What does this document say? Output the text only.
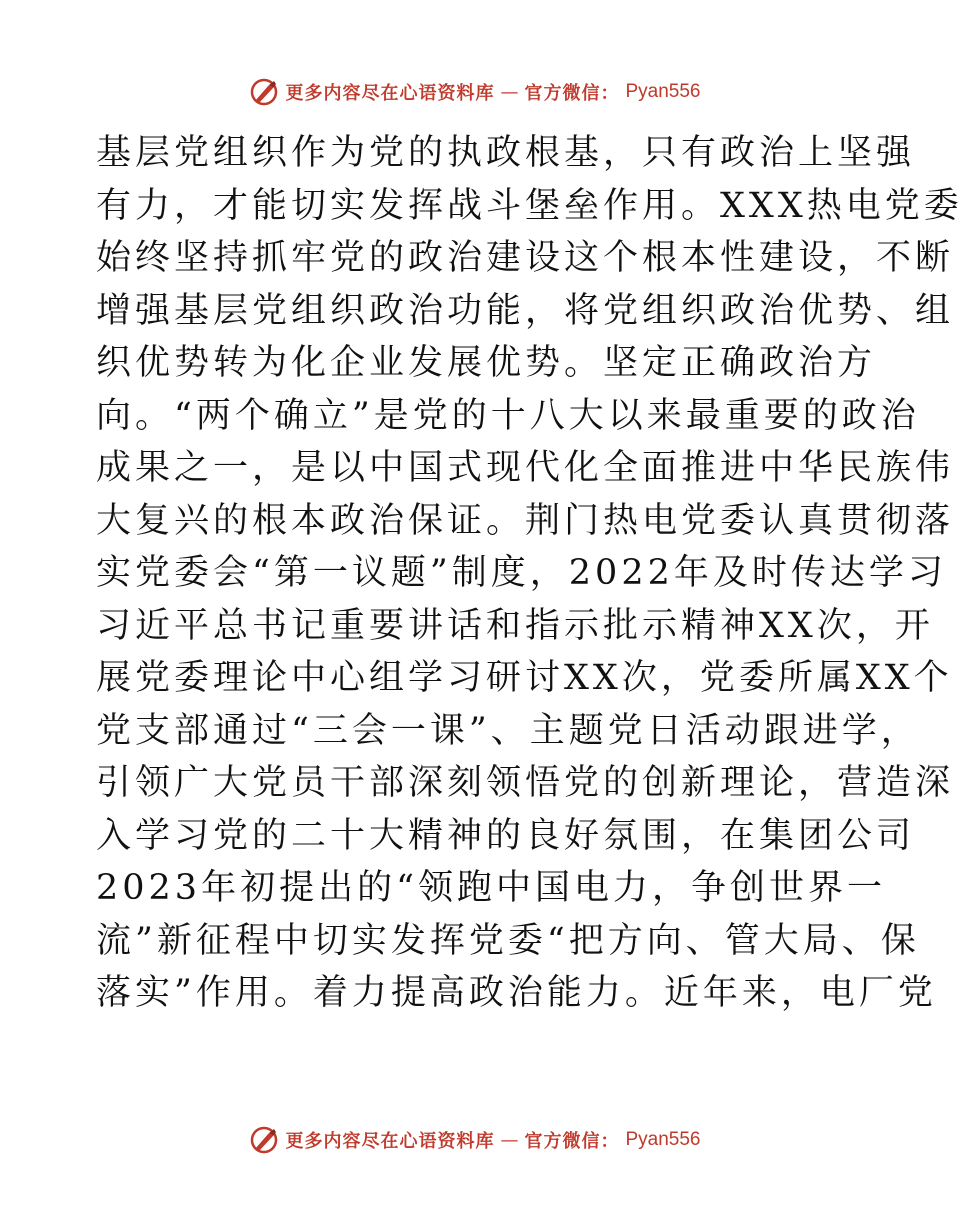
更多内容尽在心语资料库 — 官方微信： Pyan556
基层党组织作为党的执政根基，只有政治上坚强
有力，才能切实发挥战斗堡垒作用。XXX热电党委
始终坚持抓牢党的政治建设这个根本性建设，不断
增强基层党组织政治功能，将党组织政治优势、组
织优势转为化企业发展优势。坚定正确政治方
向。“两个确立”是党的十八大以来最重要的政治
成果之一，是以中国式现代化全面推进中华民族伟
大复兴的根本政治保证。荆门热电党委认真贯彻落
实党委会“第一议题”制度，2022年及时传达学习
习近平总书记重要讲话和指示批示精神XX次，开
展党委理论中心组学习研讨XX次，党委所属XX个
党支部通过“三会一课”、主题党日活动跟进学，
引领广大党员干部深刻领悟党的创新理论，营造深
入学习党的二十大精神的良好氛围，在集团公司
2023年初提出的“领跑中国电力，争创世界一
流”新征程中切实发挥党委“把方向、管大局、保
落实”作用。着力提高政治能力。近年来，电厂党
更多内容尽在心语资料库 — 官方微信： Pyan556
